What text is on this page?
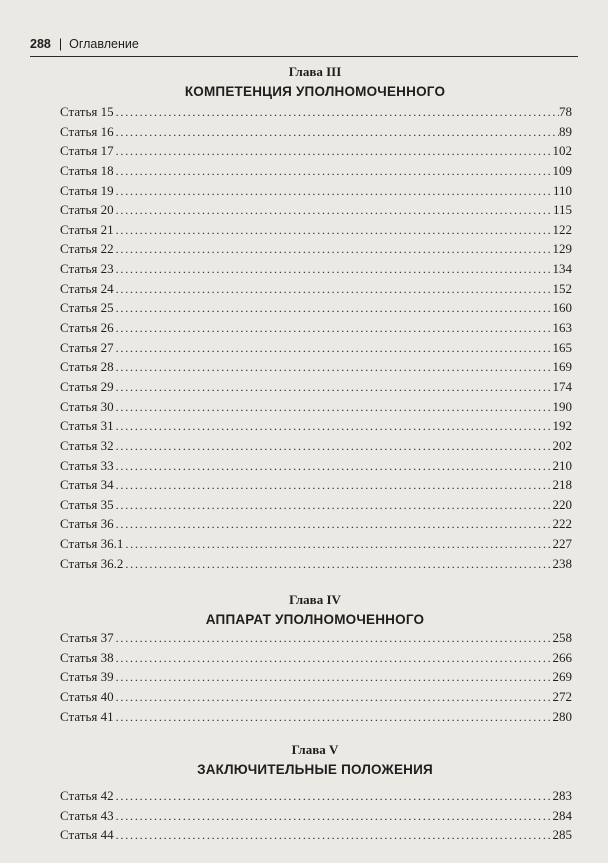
288 | Оглавление
Глава III
КОМПЕТЕНЦИЯ УПОЛНОМОЧЕННОГО
Статья 15 . . .	78
Статья 16 . . .	89
Статья 17 . . .	102
Статья 18 . . .	109
Статья 19 . . .	110
Статья 20 . . .	115
Статья 21 . . .	122
Статья 22 . . .	129
Статья 23 . . .	134
Статья 24 . . .	152
Статья 25 . . .	160
Статья 26 . . .	163
Статья 27 . . .	165
Статья 28 . . .	169
Статья 29 . . .	174
Статья 30 . . .	190
Статья 31 . . .	192
Статья 32 . . .	202
Статья 33 . . .	210
Статья 34 . . .	218
Статья 35 . . .	220
Статья 36 . . .	222
Статья 36.1 . . .	227
Статья 36.2 . . .	238
Глава IV
АППАРАТ УПОЛНОМОЧЕННОГО
Статья 37 . . .	258
Статья 38 . . .	266
Статья 39 . . .	269
Статья 40 . . .	272
Статья 41 . . .	280
Глава V
ЗАКЛЮЧИТЕЛЬНЫЕ ПОЛОЖЕНИЯ
Статья 42 . . .	283
Статья 43 . . .	284
Статья 44 . . .	285
